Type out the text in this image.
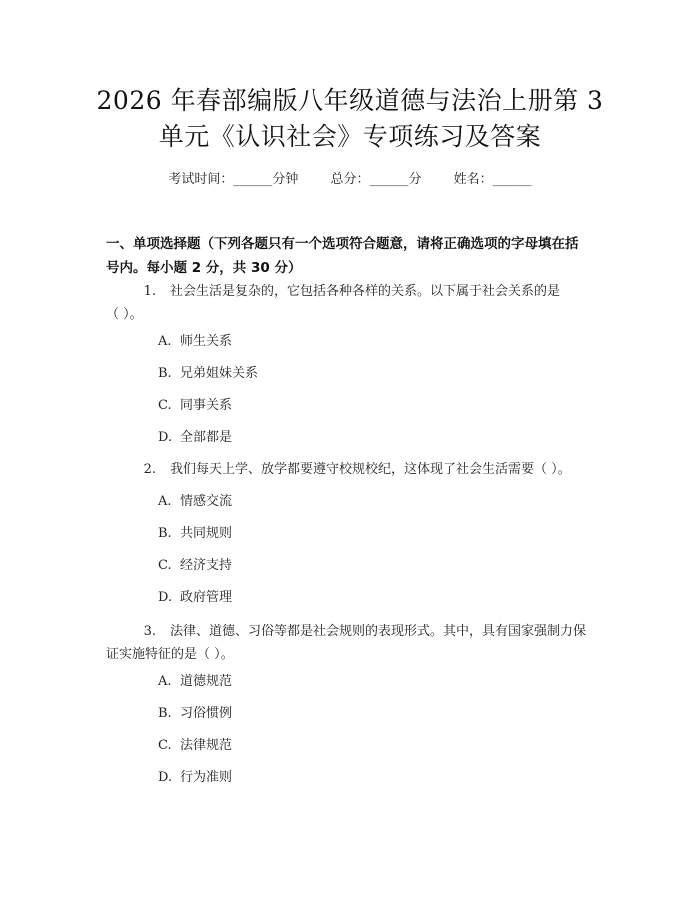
2026 年春部编版八年级道德与法治上册第 3
单元《认识社会》专项练习及答案
考试时间：______分钟 总分：______分 姓名：______
一、单项选择题（下列各题只有一个选项符合题意，请将正确选项的字母填在括
号内。每小题 2 分，共 30 分）
1. 社会生活是复杂的，它包括各种各样的关系。以下属于社会关系的是
（ ）。
A. 师生关系
B. 兄弟姐妹关系
C. 同事关系
D. 全部都是
2. 我们每天上学、放学都要遵守校规校纪，这体现了社会生活需要（ ）。
A. 情感交流
B. 共同规则
C. 经济支持
D. 政府管理
3. 法律、道德、习俗等都是社会规则的表现形式。其中，具有国家强制力保
证实施特征的是（ ）。
A. 道德规范
B. 习俗惯例
C. 法律规范
D. 行为准则
